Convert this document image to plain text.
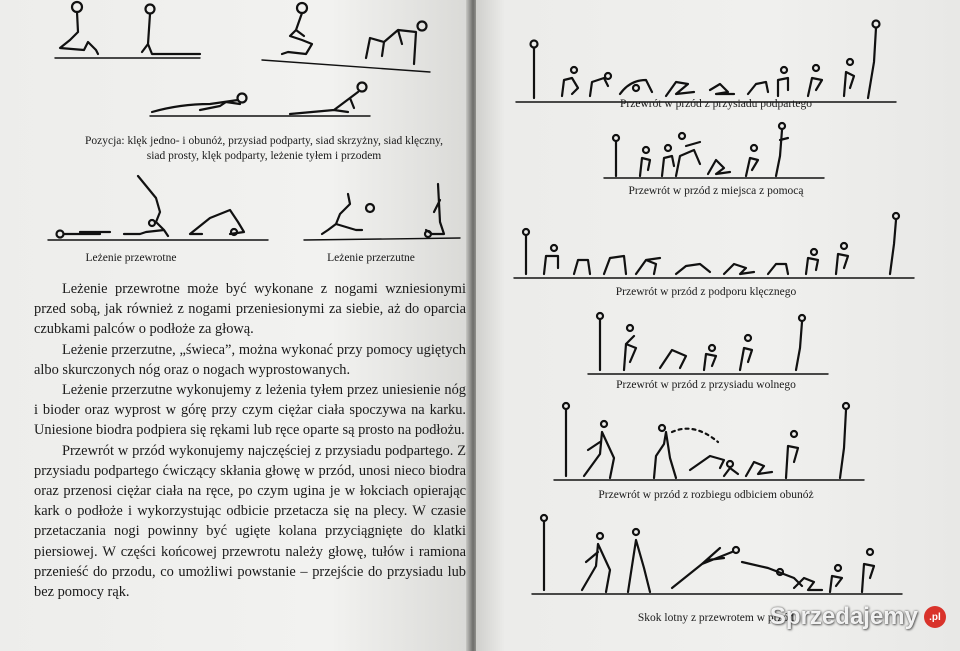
Pozycja: klęk jedno- i obunóż, przysiad podparty, siad skrzyżny, siad klęczny, siad prosty, klęk podparty, leżenie tyłem i przodem
Leżenie przewrotne	Leżenie przerzutne

Leżenie przewrotne może być wykonane z nogami wzniesionymi przed sobą, jak również z nogami przeniesionymi za siebie, aż do oparcia czubkami palców o podłoże za głową.

Leżenie przerzutne, „świeca”, można wykonać przy pomocy ugiętych albo skurczonych nóg oraz o nogach wyprostowanych.

Leżenie przerzutne wykonujemy z leżenia tyłem przez uniesienie nóg i bioder oraz wyprost w górę przy czym ciężar ciała spoczywa na karku. Uniesione biodra podpiera się rękami lub ręce oparte są prosto na podłożu.

Przewrót w przód wykonujemy najczęściej z przysiadu podpartego. Z przysiadu podpartego ćwiczący skłania głowę w przód, unosi nieco biodra oraz przenosi ciężar ciała na ręce, po czym ugina je w łokciach opierając kark o podłoże i wykorzystując odbicie przetacza się na plecy. W czasie przetaczania nogi powinny być ugięte kolana przyciągnięte do klatki piersiowej. W części końcowej przewrotu należy głowę, tułów i ramiona przenieść do przodu, co umożliwi powstanie – przejście do przysiadu lub bez pomocy rąk.

Przewrót w przód z przysiadu podpartego
Przewrót w przód z miejsca z pomocą
Przewrót w przód z podporu klęcznego
Przewrót w przód z przysiadu wolnego
Przewrót w przód z rozbiegu odbiciem obunóż
Skok lotny z przewrotem w przód
Sprzedajemy	.pl
